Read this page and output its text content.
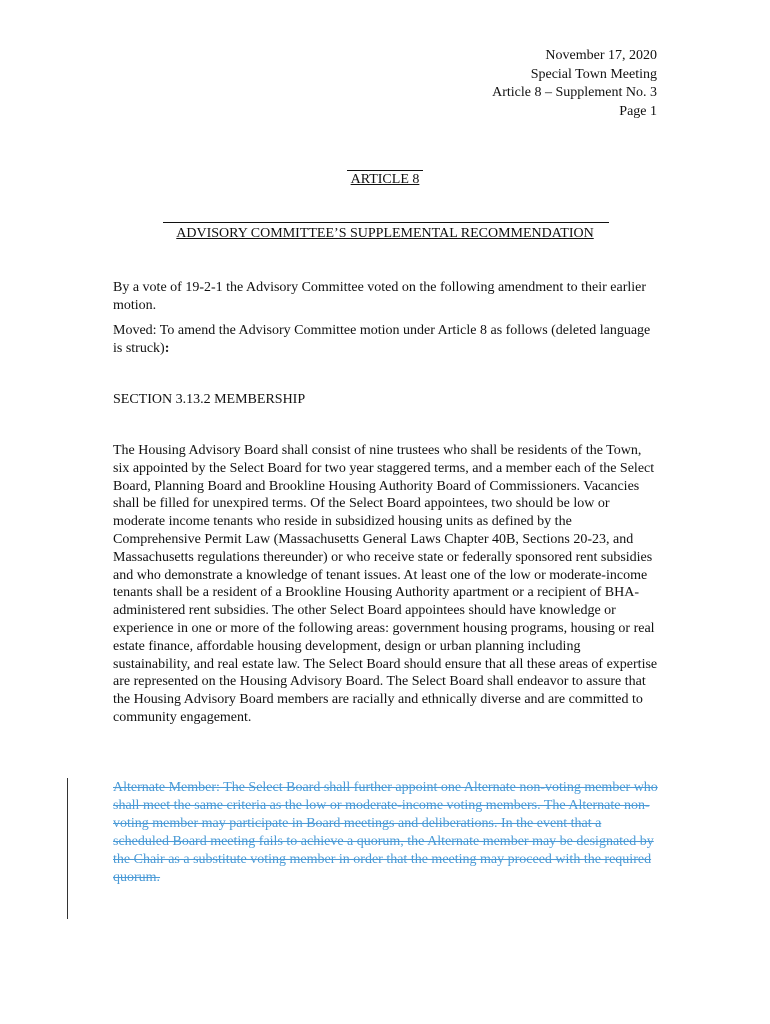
November 17, 2020
Special Town Meeting
Article 8 – Supplement No. 3
Page 1
ARTICLE 8
ADVISORY COMMITTEE’S SUPPLEMENTAL RECOMMENDATION
By a vote of 19-2-1 the Advisory Committee voted on the following amendment to their earlier motion.
Moved: To amend the Advisory Committee motion under Article 8 as follows (deleted language is struck):
SECTION 3.13.2 MEMBERSHIP
The Housing Advisory Board shall consist of nine trustees who shall be residents of the Town, six appointed by the Select Board for two year staggered terms, and a member each of the Select Board, Planning Board and Brookline Housing Authority Board of Commissioners. Vacancies shall be filled for unexpired terms. Of the Select Board appointees, two should be low or moderate income tenants who reside in subsidized housing units as defined by the Comprehensive Permit Law (Massachusetts General Laws Chapter 40B, Sections 20-23, and Massachusetts regulations thereunder) or who receive state or federally sponsored rent subsidies and who demonstrate a knowledge of tenant issues. At least one of the low or moderate-income tenants shall be a resident of a Brookline Housing Authority apartment or a recipient of BHA-administered rent subsidies. The other Select Board appointees should have knowledge or experience in one or more of the following areas: government housing programs, housing or real estate finance, affordable housing development, design or urban planning including sustainability, and real estate law. The Select Board should ensure that all these areas of expertise are represented on the Housing Advisory Board. The Select Board shall endeavor to assure that the Housing Advisory Board members are racially and ethnically diverse and are committed to community engagement.
Alternate Member: The Select Board shall further appoint one Alternate non-voting member who shall meet the same criteria as the low or moderate-income voting members. The Alternate non-voting member may participate in Board meetings and deliberations. In the event that a scheduled Board meeting fails to achieve a quorum, the Alternate member may be designated by the Chair as a substitute voting member in order that the meeting may proceed with the required quorum.
